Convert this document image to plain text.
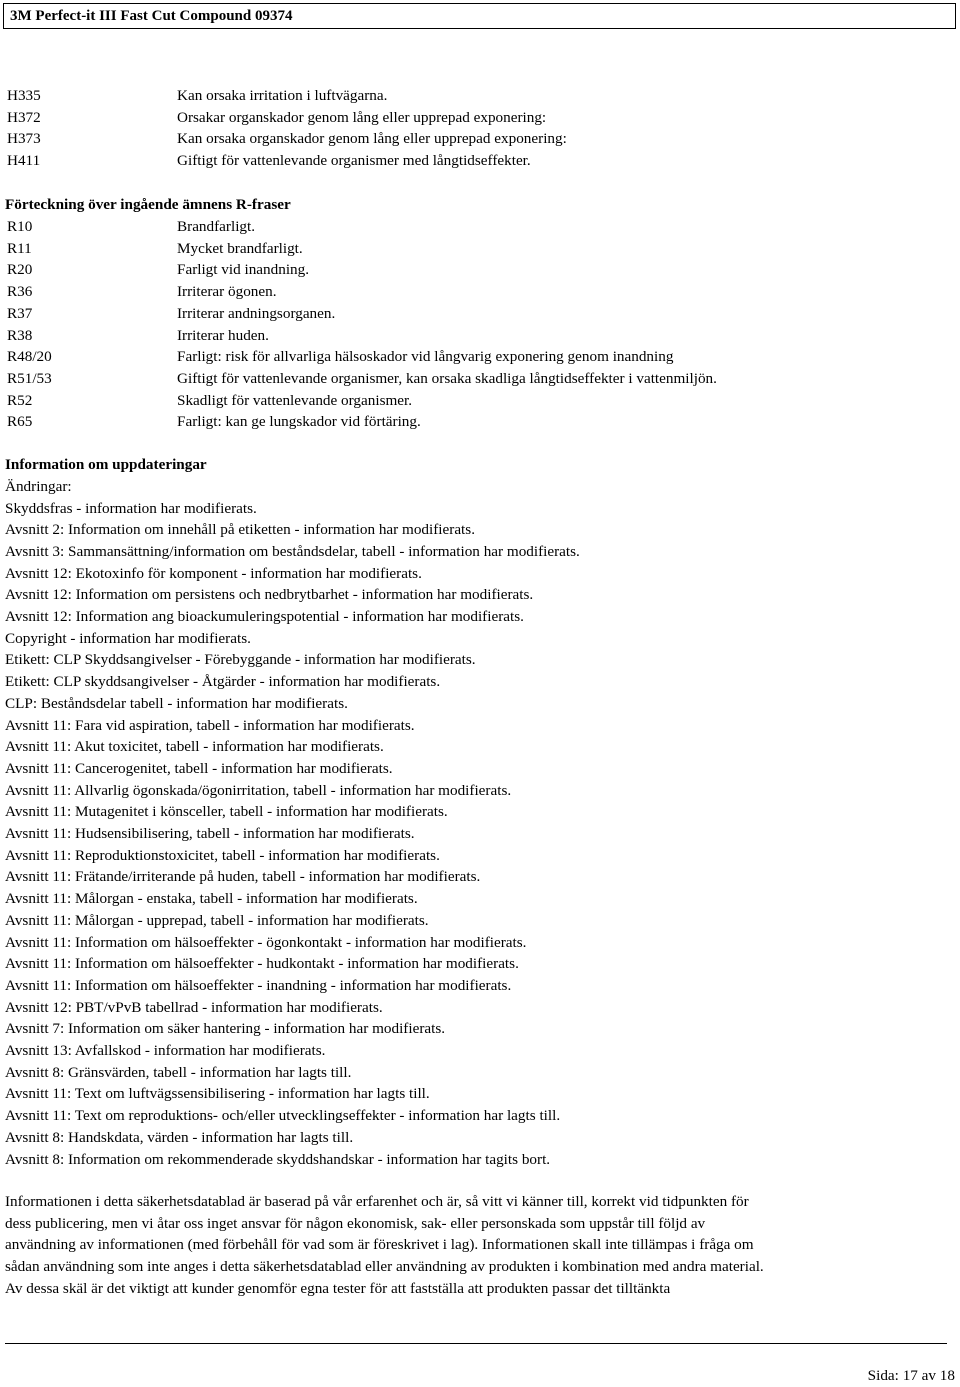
3M Perfect-it III Fast Cut Compound 09374
H335	Kan orsaka irritation i luftvägarna.
H372	Orsakar organskador genom lång eller upprepad exponering:
H373	Kan orsaka organskador genom lång eller upprepad exponering:
H411	Giftigt för vattenlevande organismer med långtidseffekter.
Förteckning över ingående ämnens R-fraser
R10	Brandfarligt.
R11	Mycket brandfarligt.
R20	Farligt vid inandning.
R36	Irriterar ögonen.
R37	Irriterar andningsorganen.
R38	Irriterar huden.
R48/20	Farligt: risk för allvarliga hälsoskador vid långvarig exponering genom inandning
R51/53	Giftigt för vattenlevande organismer, kan orsaka skadliga långtidseffekter i vattenmiljön.
R52	Skadligt för vattenlevande organismer.
R65	Farligt: kan ge lungskador vid förtäring.
Information om uppdateringar
Ändringar:
Skyddsfras - information har modifierats.
Avsnitt 2: Information om innehåll på etiketten - information har modifierats.
Avsnitt 3: Sammansättning/information om beståndsdelar, tabell - information har modifierats.
Avsnitt 12: Ekotoxinfo för komponent - information har modifierats.
Avsnitt 12: Information om persistens och nedbrytbarhet - information har modifierats.
Avsnitt 12: Information ang bioackumuleringspotential - information har modifierats.
Copyright - information har modifierats.
Etikett: CLP Skyddsangivelser - Förebyggande - information har modifierats.
Etikett: CLP skyddsangivelser - Åtgärder - information har modifierats.
CLP: Beståndsdelar tabell - information har modifierats.
Avsnitt 11: Fara vid aspiration, tabell - information har modifierats.
Avsnitt 11: Akut toxicitet, tabell - information har modifierats.
Avsnitt 11: Cancerogenitet, tabell - information har modifierats.
Avsnitt 11: Allvarlig ögonskada/ögonirritation, tabell - information har modifierats.
Avsnitt 11: Mutagenitet i könsceller, tabell - information har modifierats.
Avsnitt 11: Hudsensibilisering, tabell - information har modifierats.
Avsnitt 11: Reproduktionstoxicitet, tabell - information har modifierats.
Avsnitt 11: Frätande/irriterande på huden, tabell - information har modifierats.
Avsnitt 11: Målorgan - enstaka, tabell - information har modifierats.
Avsnitt 11: Målorgan - upprepad, tabell - information har modifierats.
Avsnitt 11: Information om hälsoeffekter - ögonkontakt - information har modifierats.
Avsnitt 11: Information om hälsoeffekter - hudkontakt - information har modifierats.
Avsnitt 11: Information om hälsoeffekter - inandning - information har modifierats.
Avsnitt 12: PBT/vPvB tabellrad - information har modifierats.
Avsnitt 7: Information om säker hantering - information har modifierats.
Avsnitt 13: Avfallskod - information har modifierats.
Avsnitt 8: Gränsvärden, tabell - information har lagts till.
Avsnitt 11: Text om luftvägssensibilisering - information har lagts till.
Avsnitt 11: Text om reproduktions- och/eller utvecklingseffekter - information har lagts till.
Avsnitt 8: Handskdata, värden - information har lagts till.
Avsnitt 8: Information om rekommenderade skyddshandskar - information har tagits bort.
Informationen i detta säkerhetsdatablad är baserad på vår erfarenhet och är, så vitt vi känner till, korrekt vid tidpunkten för
dess publicering, men vi åtar oss inget ansvar för någon ekonomisk, sak- eller personskada som uppstår till följd av
användning av informationen (med förbehåll för vad som är föreskrivet i lag). Informationen skall inte tillämpas i fråga om
sådan användning som inte anges i detta säkerhetsdatablad eller användning av produkten i kombination med andra material.
Av dessa skäl är det viktigt att kunder genomför egna tester för att fastställa att produkten passar det tilltänkta
Sida: 17 av 18
